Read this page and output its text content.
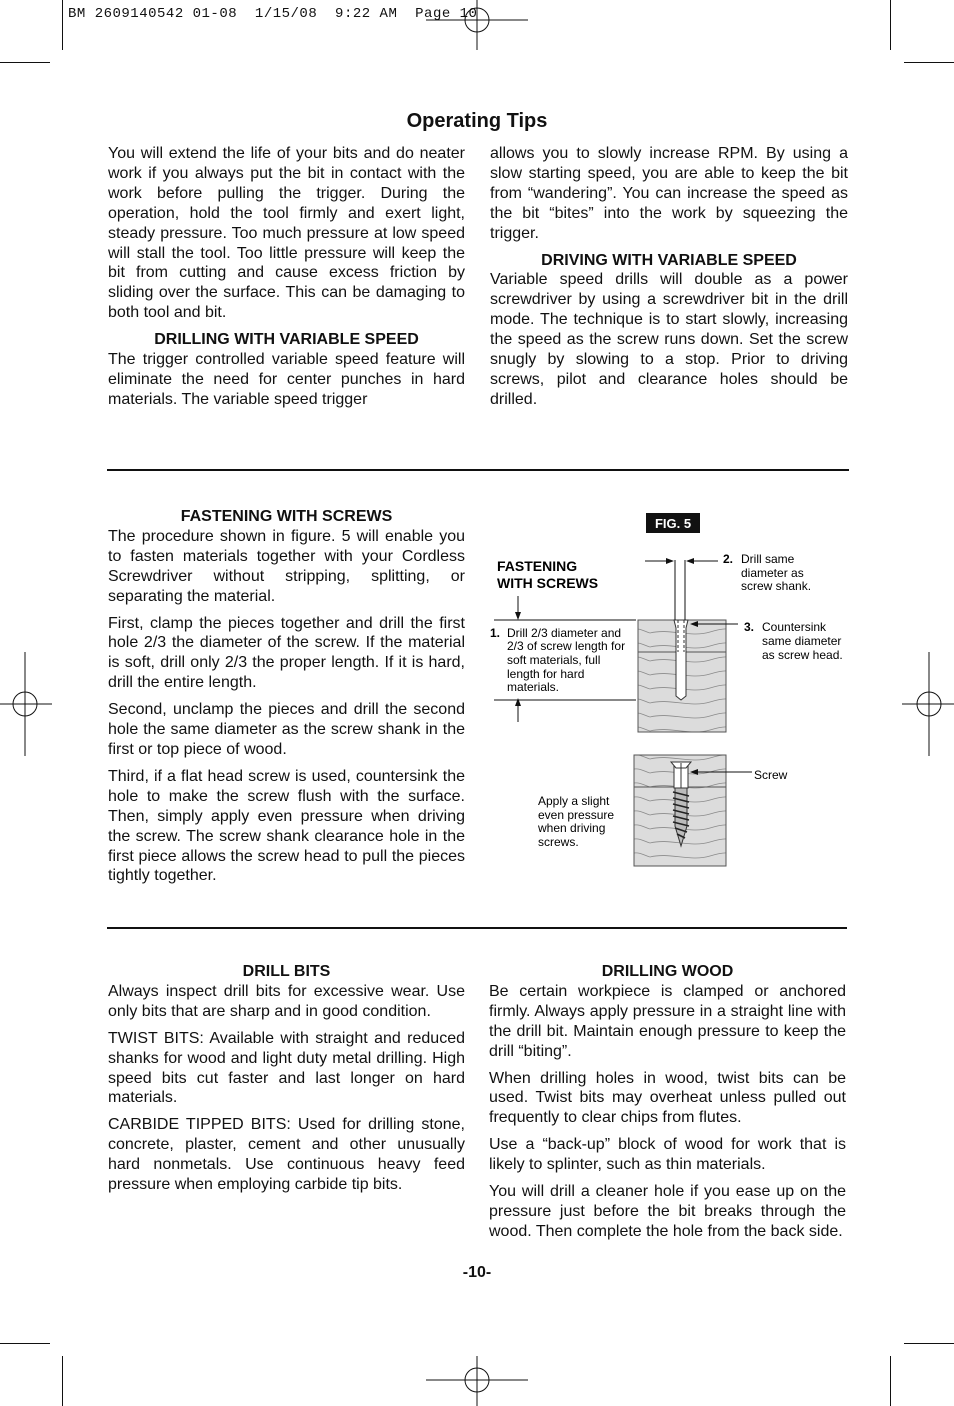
BM 2609140542 01-08  1/15/08  9:22 AM  Page 10
Operating Tips

You will extend the life of your bits and do neater work if you always put the bit in contact with the work before pulling the trigger. During the operation, hold the tool firmly and exert light, steady pressure. Too much pressure at low speed will stall the tool. Too little pressure will keep the bit from cutting and cause excess friction by sliding over the surface. This can be damaging to both tool and bit.

DRILLING WITH VARIABLE SPEED

The trigger controlled variable speed feature will eliminate the need for center punches in hard materials. The variable speed trigger

allows you to slowly increase RPM. By using a slow starting speed, you are able to keep the bit from “wandering”. You can increase the speed as the bit “bites” into the work by squeezing the trigger.

DRIVING WITH VARIABLE SPEED

Variable speed drills will double as a power screwdriver by using a screwdriver bit in the drill mode. The technique is to start slowly, increasing the speed as the screw runs down. Set the screw snugly by slowing to a stop. Prior to driving screws, pilot and clearance holes should be drilled.

FASTENING WITH SCREWS

The procedure shown in figure. 5 will enable you to fasten materials together with your Cordless Screwdriver without stripping, splitting, or separating the material.

First, clamp the pieces together and drill the first hole 2/3 the diameter of the screw. If the material is soft, drill only 2/3 the proper length. If it is hard, drill the entire length.

Second, unclamp the pieces and drill the second hole the same diameter as the screw shank in the first or top piece of wood.

Third, if a flat head screw is used, countersink the hole to make the screw flush with the surface. Then, simply apply even pressure when driving the screw. The screw shank clearance hole in the first piece allows the screw head to pull the pieces tightly together.

FIG. 5
FASTENING
WITH SCREWS
1. Drill 2/3 diameter and 2/3 of screw length for soft materials, full length for hard materials.
2. Drill same diameter as screw shank.
3. Countersink same diameter as screw head.
Screw
Apply a slight even pressure when driving screws.

DRILL BITS

Always inspect drill bits for excessive wear. Use only bits that are sharp and in good condition.

TWIST BITS: Available with straight and reduced shanks for wood and light duty metal drilling. High speed bits cut faster and last longer on hard materials.

CARBIDE TIPPED BITS: Used for drilling stone, concrete, plaster, cement and other unusually hard nonmetals. Use continuous heavy feed pressure when employing carbide tip bits.

DRILLING WOOD

Be certain workpiece is clamped or anchored firmly. Always apply pressure in a straight line with the drill bit. Maintain enough pressure to keep the drill “biting”.

When drilling holes in wood, twist bits can be used. Twist bits may overheat unless pulled out frequently to clear chips from flutes.

Use a “back-up” block of wood for work that is likely to splinter, such as thin materials.

You will drill a cleaner hole if you ease up on the pressure just before the bit breaks through the wood. Then complete the hole from the back side.

-10-
